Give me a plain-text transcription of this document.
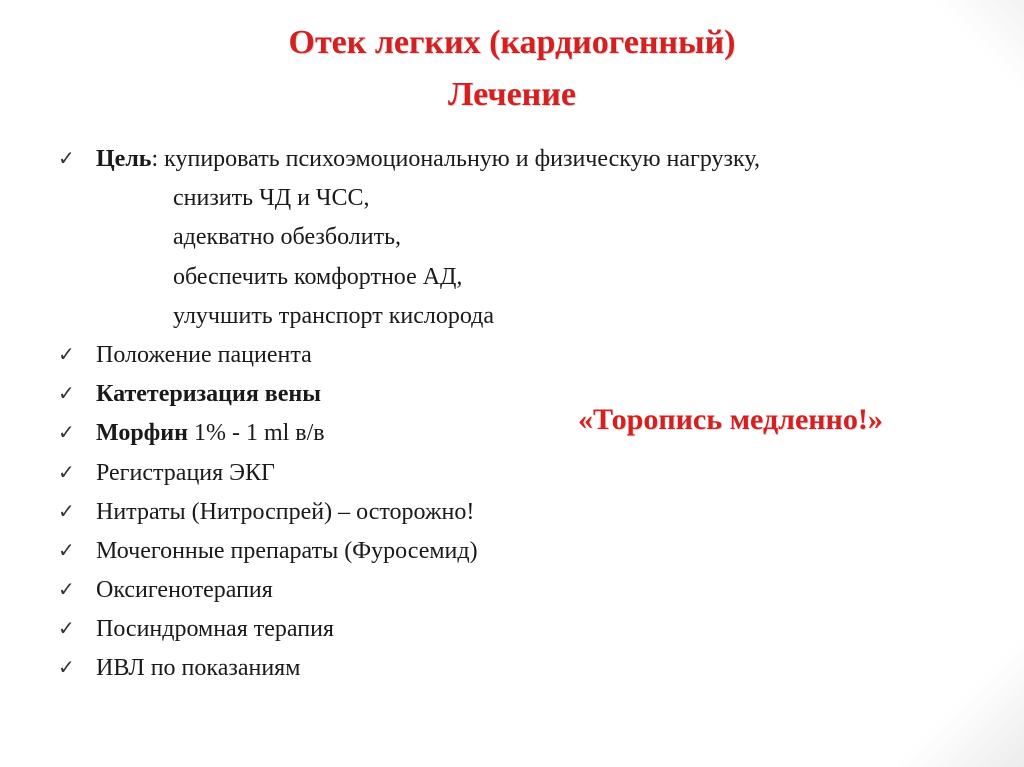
Отек легких (кардиогенный)
Лечение
✓ Цель: купировать психоэмоциональную и физическую нагрузку,
снизить ЧД и ЧСС,
адекватно обезболить,
обеспечить комфортное АД,
улучшить транспорт кислорода
✓ Положение пациента
✓ Катетеризация вены
✓ Морфин 1% - 1 ml в/в
✓ Регистрация ЭКГ
✓ Нитраты (Нитроспрей) – осторожно!
✓ Мочегонные препараты (Фуросемид)
✓ Оксигенотерапия
✓ Посиндромная терапия
✓ ИВЛ по показаниям
«Торопись медленно!»
